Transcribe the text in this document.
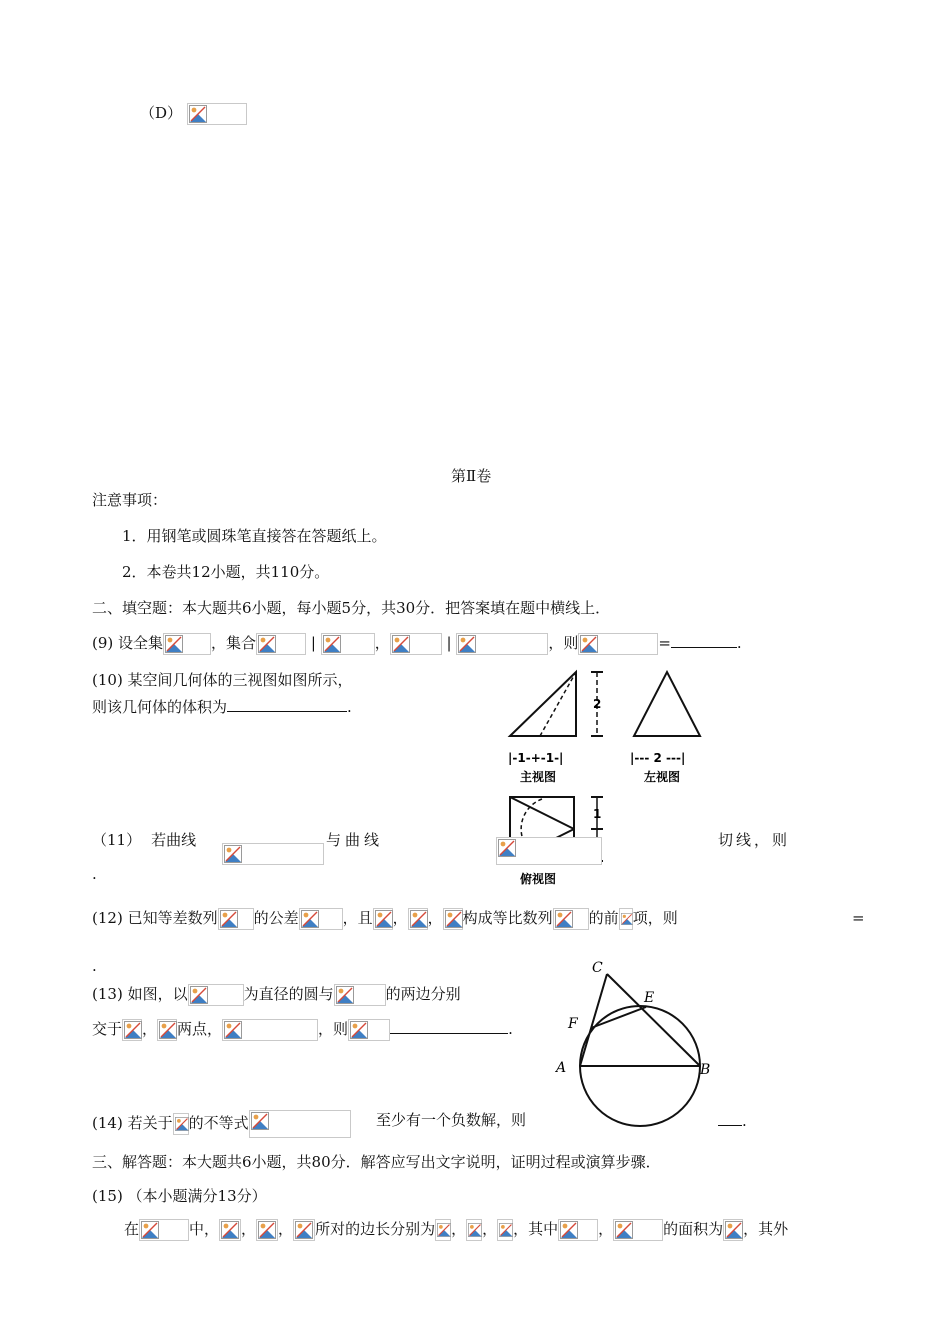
（D）
第Ⅱ卷
注意事项：
1．用钢笔或圆珠笔直接答在答题纸上。
2．本卷共12小题，共110分。
二、填空题：本大题共6小题，每小题5分，共30分．把答案填在题中横线上．
(9) 设全集	，集合	|	，	|	，则	=	.
(10) 某空间几何体的三视图如图所示，
则该几何体的体积为	.	2
|-1-+-1-|	|--- 2 ---|
主视图	左视图
1
俯视图
（11） 若曲线
	与曲线
	切线，则

.
(12) 已知等差数列 的公差	，且 ， ， 构成等比数列 的前 项，则	=
.
(13) 如图，以	为直径的圆与	的两边分别
交于 ， 两点，	，则	.
C
E
F
A	B
(14) 若关于 的不等式	至少有一个负数解，则	.
三、解答题：本大题共6小题，共80分．解答应写出文字说明，证明过程或演算步骤．
(15) （本小题满分13分）
在	中， ， ， 所对的边长分别为 ， ， ，其中	，	的面积为 ，其外
